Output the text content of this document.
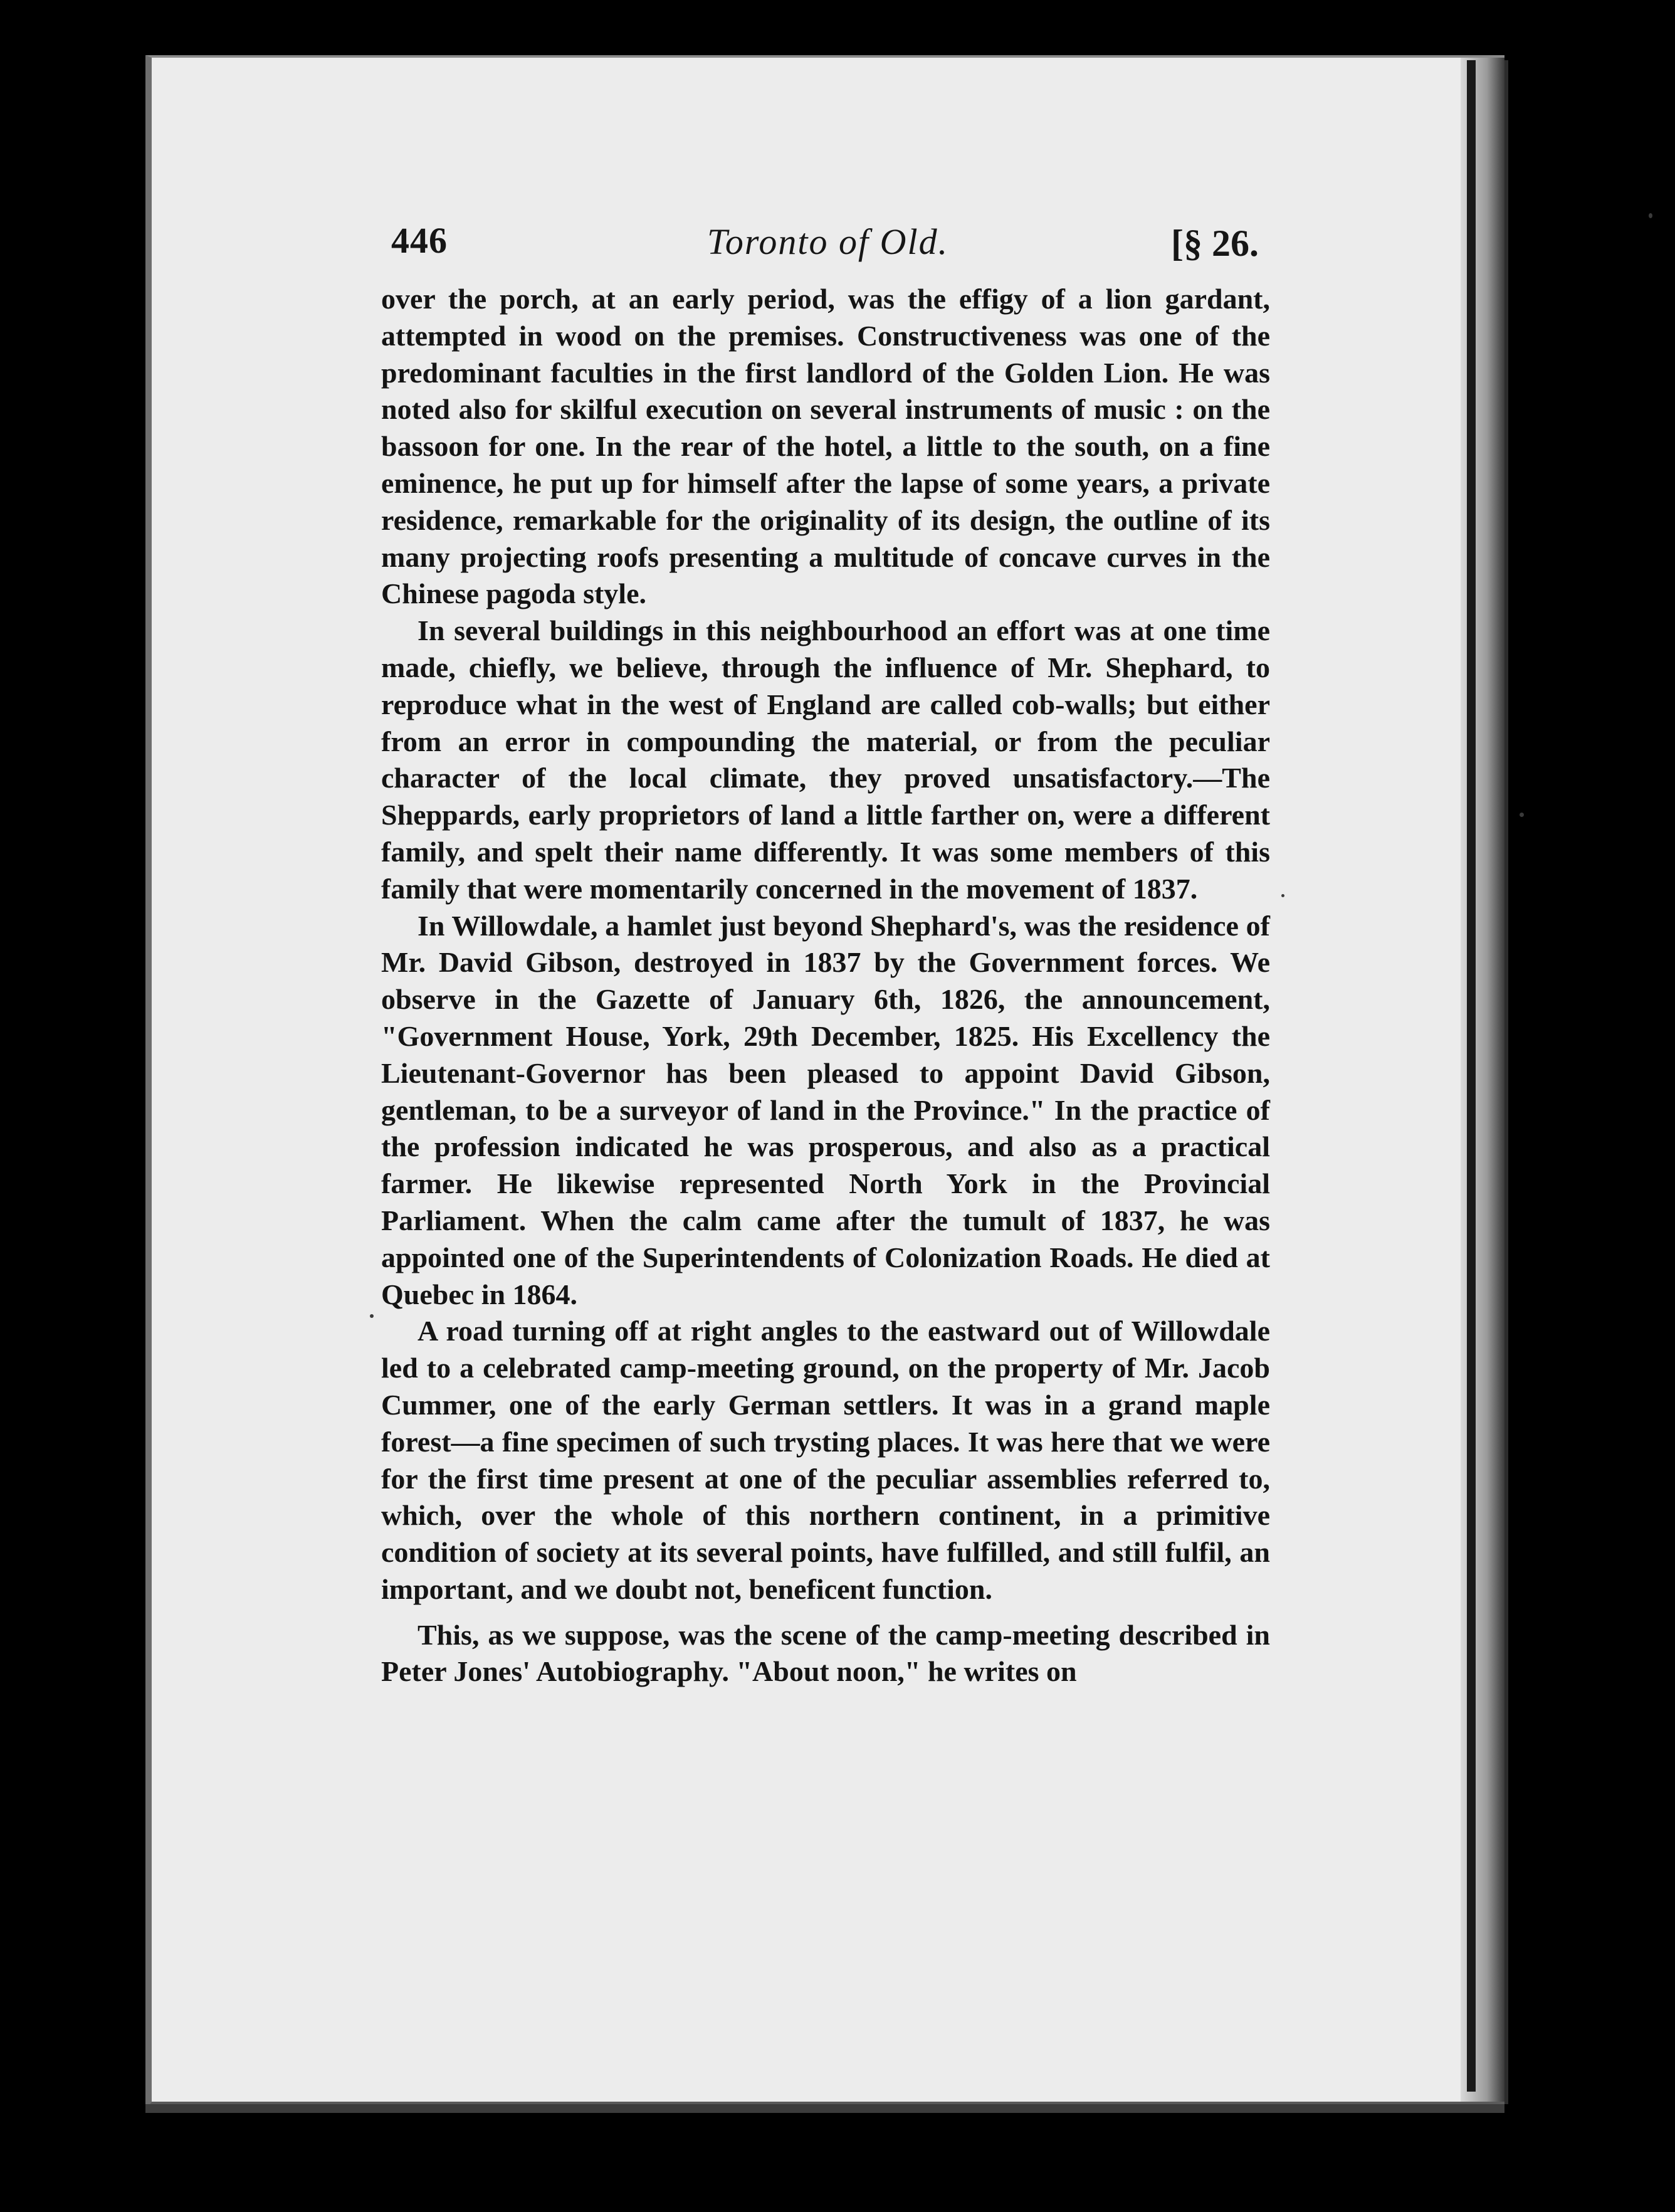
446	Toronto of Old.	[§ 26.

over the porch, at an early period, was the effigy of a lion gardant, attempted in wood on the premises. Constructiveness was one of the predominant faculties in the first landlord of the Golden Lion. He was noted also for skilful execution on several instruments of music : on the bassoon for one. In the rear of the hotel, a little to the south, on a fine eminence, he put up for himself after the lapse of some years, a private residence, remarkable for the originality of its design, the outline of its many projecting roofs presenting a multitude of concave curves in the Chinese pagoda style.

In several buildings in this neighbourhood an effort was at one time made, chiefly, we believe, through the influence of Mr. Shephard, to reproduce what in the west of England are called cob-walls; but either from an error in compounding the material, or from the peculiar character of the local climate, they proved unsatisfactory.—The Sheppards, early proprietors of land a little farther on, were a different family, and spelt their name differently. It was some members of this family that were momentarily concerned in the movement of 1837.

In Willowdale, a hamlet just beyond Shephard's, was the residence of Mr. David Gibson, destroyed in 1837 by the Government forces. We observe in the Gazette of January 6th, 1826, the announcement, "Government House, York, 29th December, 1825. His Excellency the Lieutenant-Governor has been pleased to appoint David Gibson, gentleman, to be a surveyor of land in the Province." In the practice of the profession indicated he was prosperous, and also as a practical farmer. He likewise represented North York in the Provincial Parliament. When the calm came after the tumult of 1837, he was appointed one of the Superintendents of Colonization Roads. He died at Quebec in 1864.

A road turning off at right angles to the eastward out of Willowdale led to a celebrated camp-meeting ground, on the property of Mr. Jacob Cummer, one of the early German settlers. It was in a grand maple forest—a fine specimen of such trysting places. It was here that we were for the first time present at one of the peculiar assemblies referred to, which, over the whole of this northern continent, in a primitive condition of society at its several points, have fulfilled, and still fulfil, an important, and we doubt not, beneficent function.

This, as we suppose, was the scene of the camp-meeting described in Peter Jones' Autobiography. "About noon," he writes on
